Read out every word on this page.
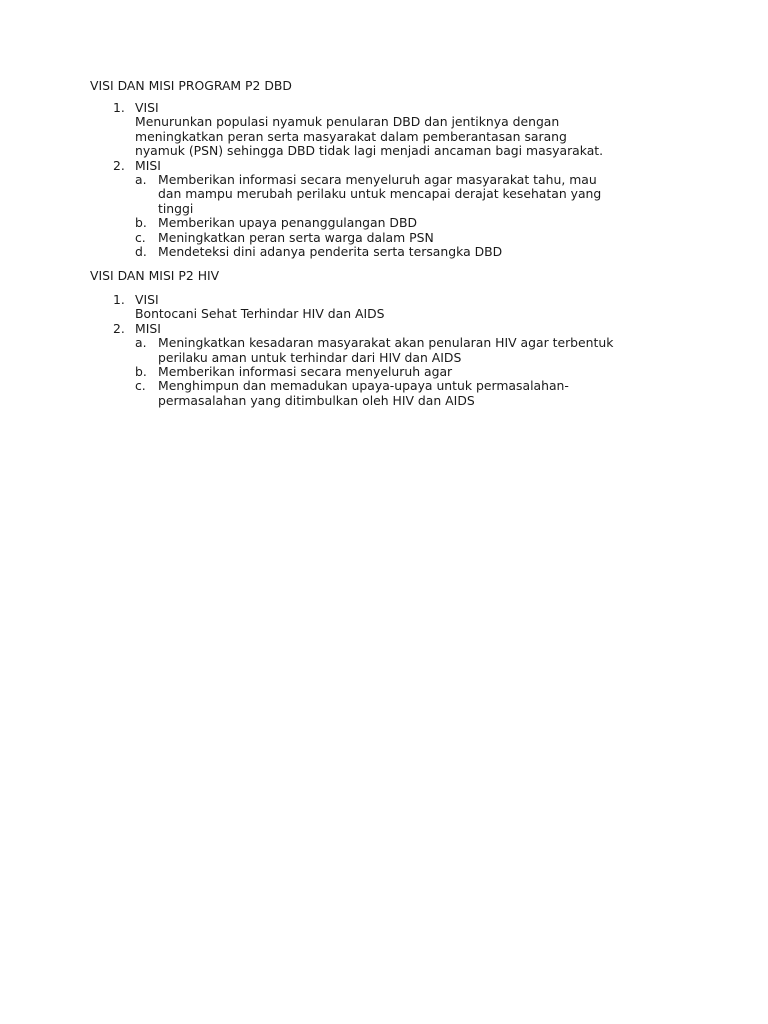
VISI DAN MISI PROGRAM P2 DBD
1. VISI
Menurunkan populasi nyamuk penularan DBD dan jentiknya dengan
meningkatkan peran serta masyarakat dalam pemberantasan sarang
nyamuk (PSN) sehingga DBD tidak lagi menjadi ancaman bagi masyarakat.
2. MISI
a. Memberikan informasi secara menyeluruh agar masyarakat tahu, mau
dan mampu merubah perilaku untuk mencapai derajat kesehatan yang
tinggi
b. Memberikan upaya penanggulangan DBD
c. Meningkatkan peran serta warga dalam PSN
d. Mendeteksi dini adanya penderita serta tersangka DBD
VISI DAN MISI P2 HIV
1. VISI
Bontocani Sehat Terhindar HIV dan AIDS
2. MISI
a. Meningkatkan kesadaran masyarakat akan penularan HIV agar terbentuk
perilaku aman untuk terhindar dari HIV dan AIDS
b. Memberikan informasi secara menyeluruh agar
c. Menghimpun dan memadukan upaya-upaya untuk permasalahan-
permasalahan yang ditimbulkan oleh HIV dan AIDS
